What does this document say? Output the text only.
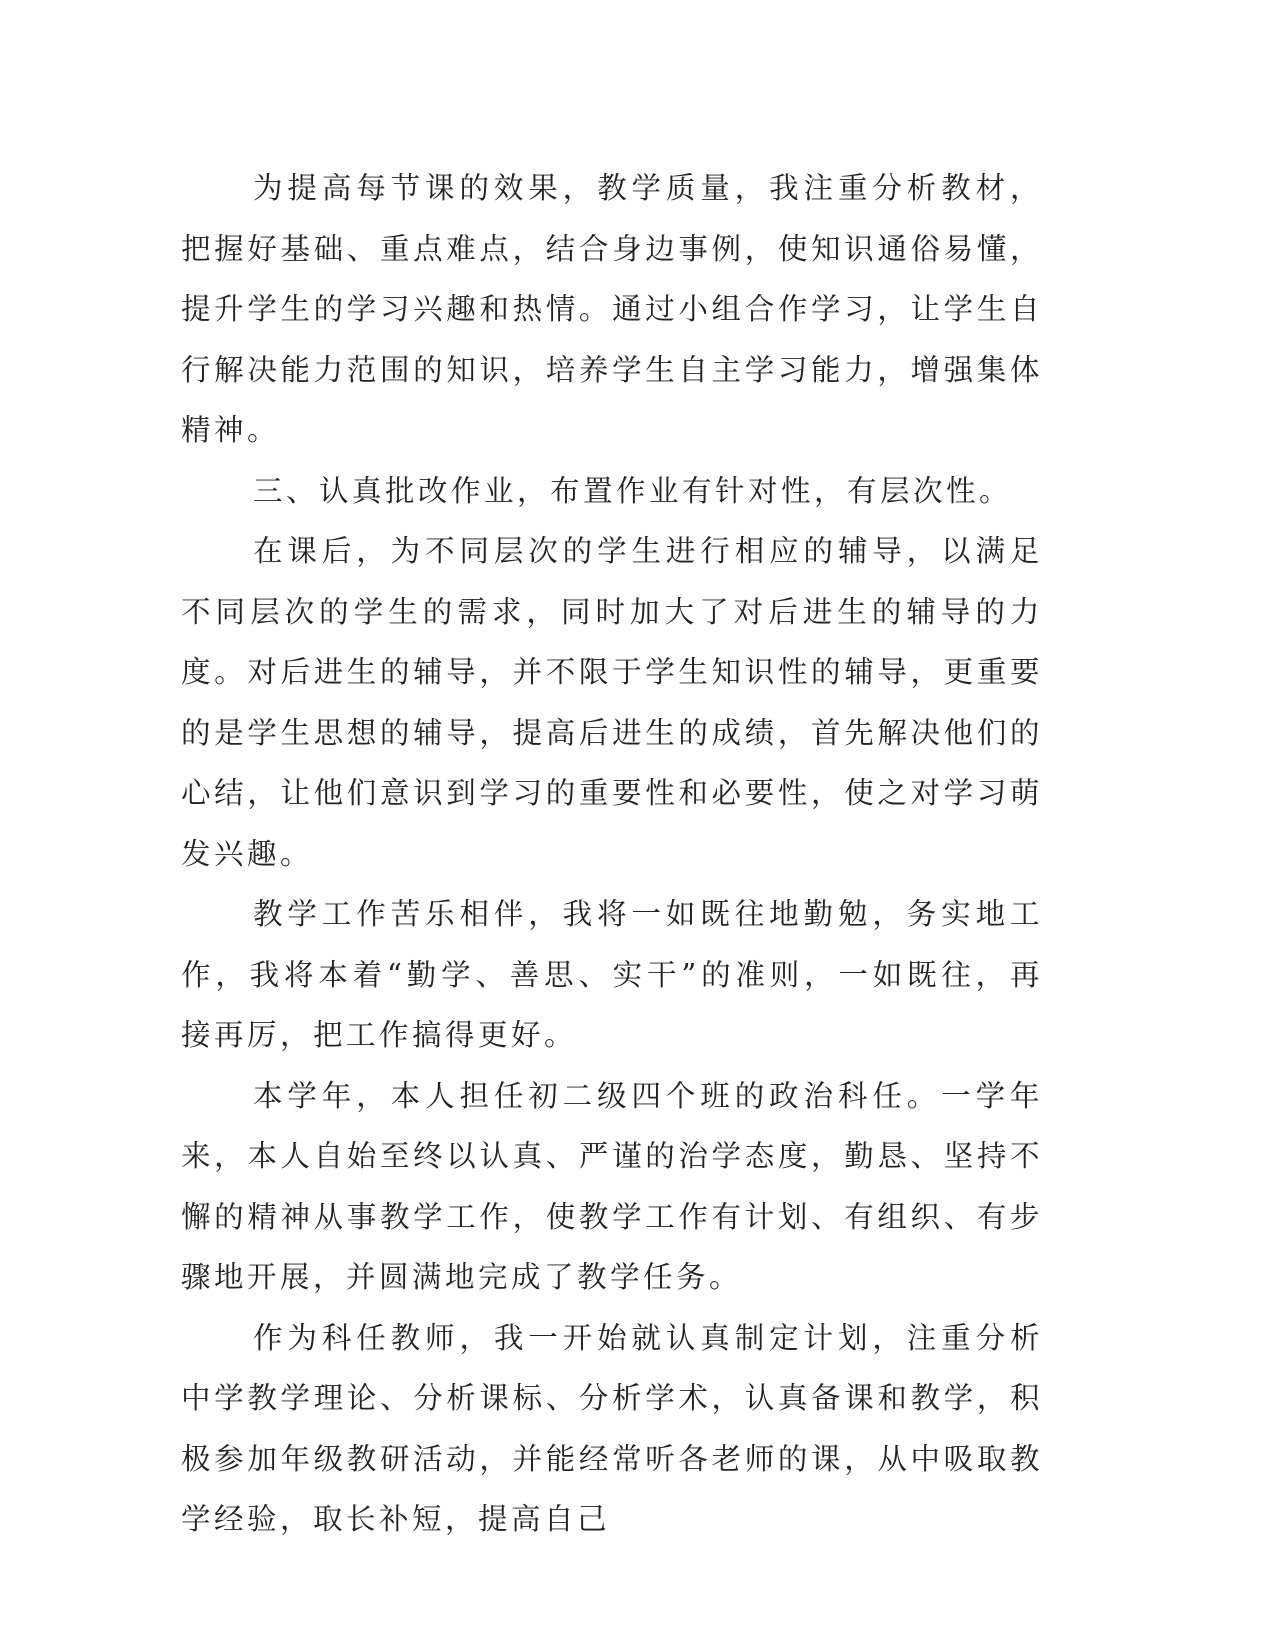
为提高每节课的效果，教学质量，我注重分析教材，把握好基础、重点难点，结合身边事例，使知识通俗易懂，提升学生的学习兴趣和热情。通过小组合作学习，让学生自行解决能力范围的知识，培养学生自主学习能力，增强集体精神。

三、认真批改作业，布置作业有针对性，有层次性。

在课后，为不同层次的学生进行相应的辅导，以满足不同层次的学生的需求，同时加大了对后进生的辅导的力度。对后进生的辅导，并不限于学生知识性的辅导，更重要的是学生思想的辅导，提高后进生的成绩，首先解决他们的心结，让他们意识到学习的重要性和必要性，使之对学习萌发兴趣。

教学工作苦乐相伴，我将一如既往地勤勉，务实地工作，我将本着“勤学、善思、实干”的准则，一如既往，再接再厉，把工作搞得更好。

本学年，本人担任初二级四个班的政治科任。一学年来，本人自始至终以认真、严谨的治学态度，勤恳、坚持不懈的精神从事教学工作，使教学工作有计划、有组织、有步骤地开展，并圆满地完成了教学任务。

作为科任教师，我一开始就认真制定计划，注重分析中学教学理论、分析课标、分析学术，认真备课和教学，积极参加年级教研活动，并能经常听各老师的课，从中吸取教学经验，取长补短，提高自己
